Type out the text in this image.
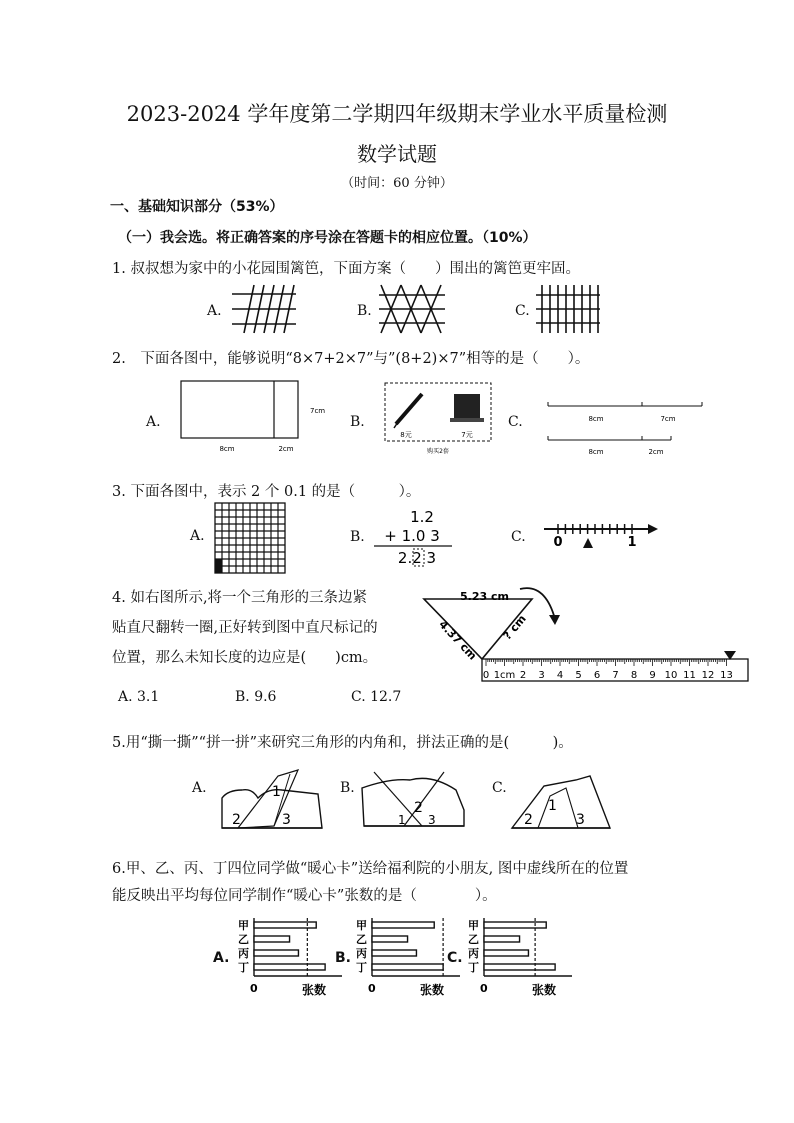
2023-2024 学年度第二学期四年级期末学业水平质量检测
数学试题
（时间：60 分钟）
一、基础知识部分（53%）
（一）我会选。将正确答案的序号涂在答题卡的相应位置。（10%）
1. 叔叔想为家中的小花园围篱笆，下面方案（　　）围出的篱笆更牢固。
A.	B.	C.
2.　下面各图中，能够说明“8×7+2×7”与”(8+2)×7”相等的是（　　）。
A.
8cm	2cm
7cm
B.
8元	7元
购买2套
C.	8cm	7cm
8cm	2cm
3. 下面各图中，表示 2 个 0.1 的是（　　　）。
A.	B.
1.2
+ 1.0 3
2.2 3
C. 0	1
4. 如右图所示,将一个三角形的三条边紧
贴直尺翻转一圈,正好转到图中直尺标记的
位置，那么未知长度的边应是(　　)cm。
A. 3.1	B. 9.6	C. 12.7
5.23 cm
4.37 cm ? cm
0 1cm 2 3 4 5 6 7 8 9 10 11 12 13
5.用“撕一撕”“拼一拼”来研究三角形的内角和，拼法正确的是(　　　)。
A.	1
2	3
B.
2
1 3
C.
1
2	3
6.甲、乙、丙、丁四位同学做“暖心卡”送给福利院的小朋友, 图中虚线所在的位置
能反映出平均每位同学制作“暖心卡”张数的是（　　　　）。
A.	B.	C.
甲
乙
丙
丁
0	张数
甲
乙
丙
丁
0	张数
甲
乙
丙
丁
0	张数
